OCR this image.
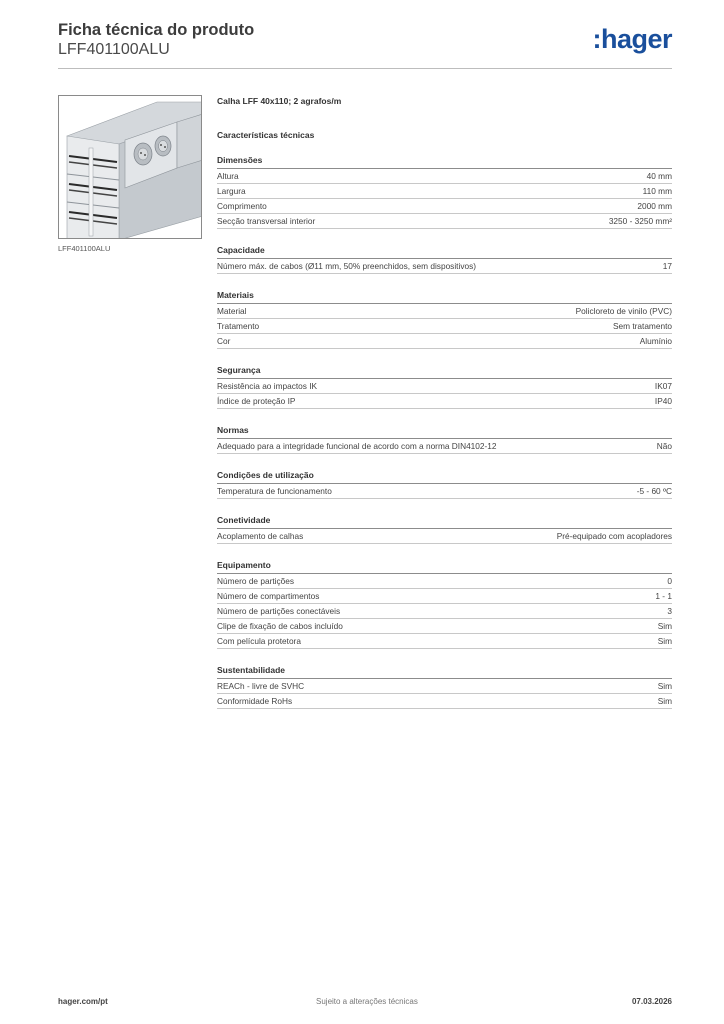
Ficha técnica do produto
LFF401100ALU	:hager
LFF401100ALU
Calha LFF 40x110; 2 agrafos/m
Características técnicas
Dimensões
Altura	40 mm
Largura	110 mm
Comprimento	2000 mm
Secção transversal interior	3250 - 3250 mm²
Capacidade
Número máx. de cabos (Ø11 mm, 50% preenchidos, sem dispositivos)	17
Materiais
Material	Policloreto de vinilo (PVC)
Tratamento	Sem tratamento
Cor	Alumínio
Segurança
Resistência ao impactos IK	IK07
Índice de proteção IP	IP40
Normas
Adequado para a integridade funcional de acordo com a norma DIN4102-12	Não
Condições de utilização
Temperatura de funcionamento	-5 - 60 ºC
Conetividade
Acoplamento de calhas	Pré-equipado com acopladores
Equipamento
Número de partições	0
Número de compartimentos	1 - 1
Número de partições conectáveis	3
Clipe de fixação de cabos incluído	Sim
Com película protetora	Sim
Sustentabilidade
REACh - livre de SVHC	Sim
Conformidade RoHs	Sim
hager.com/pt	Sujeito a alterações técnicas	07.03.2026
